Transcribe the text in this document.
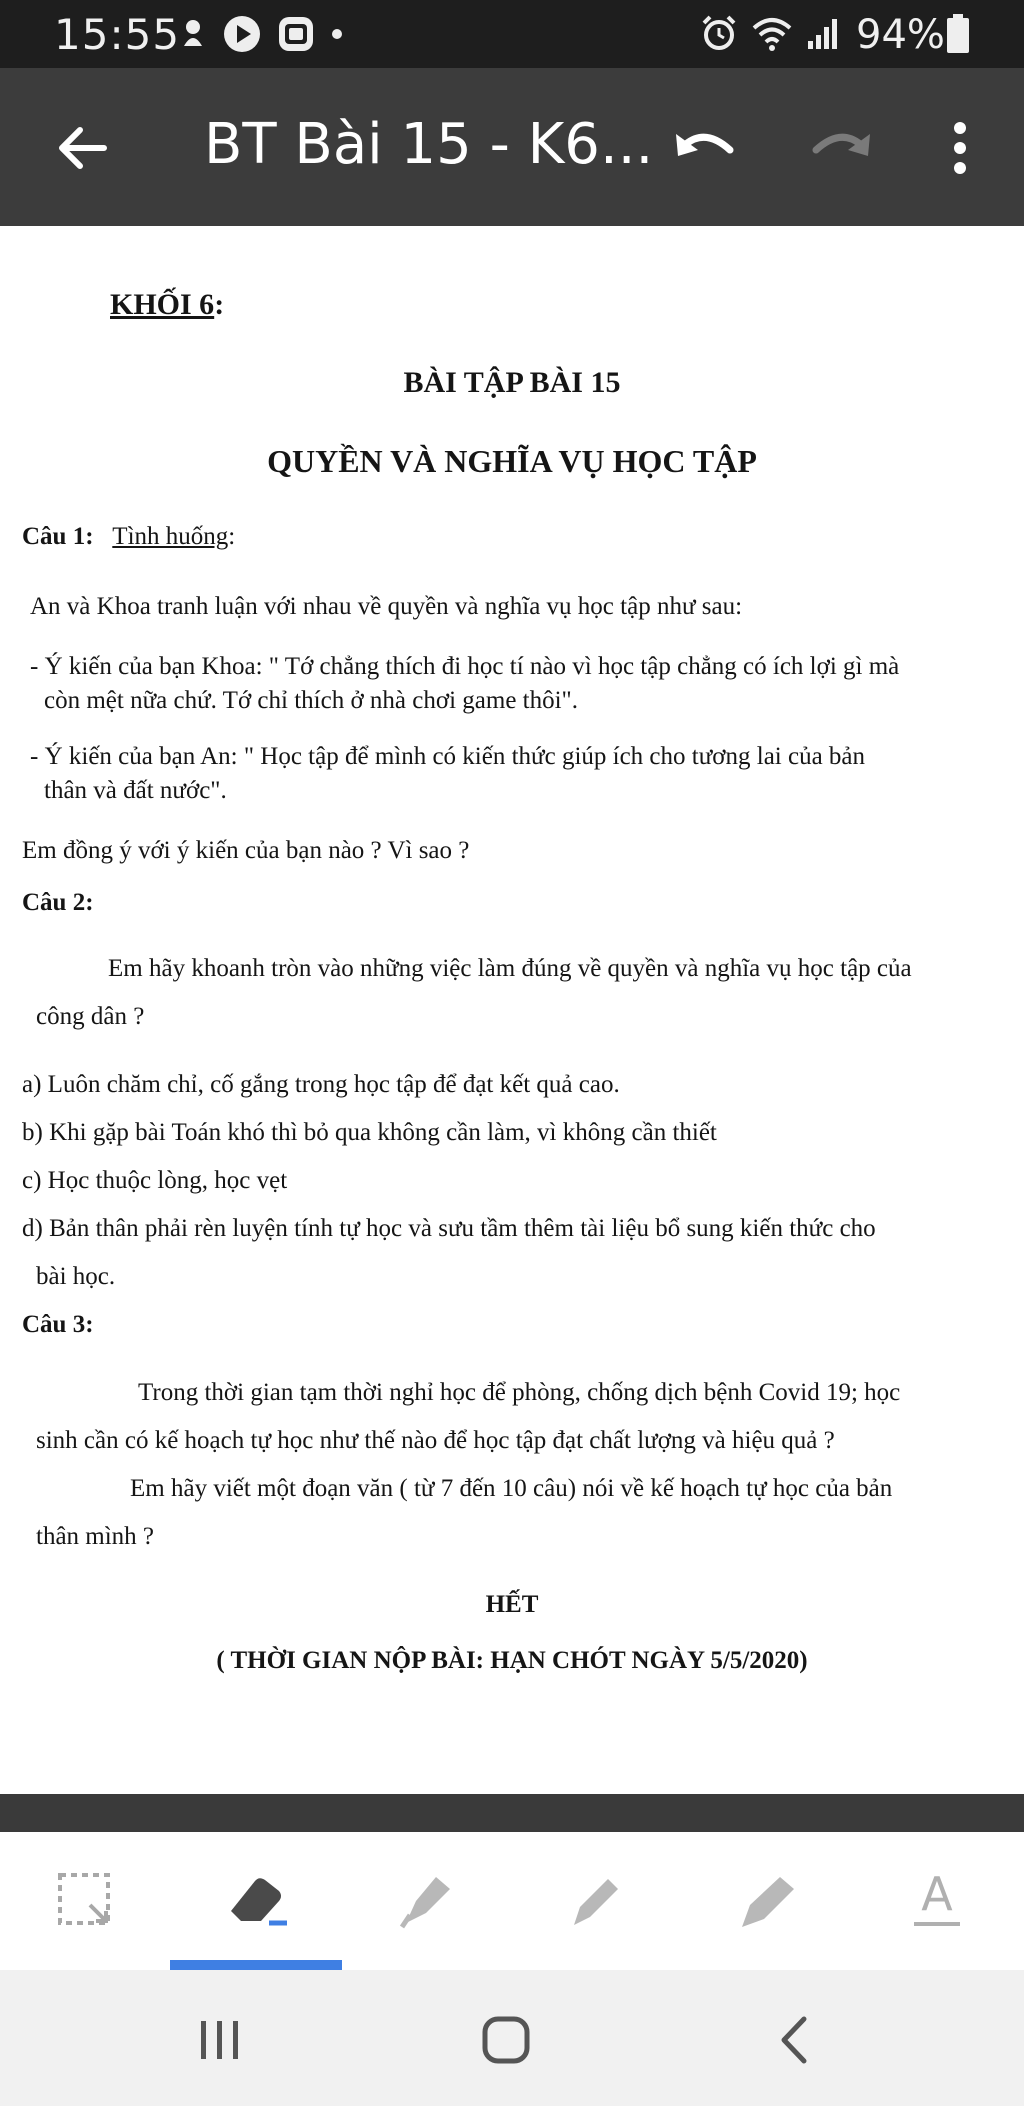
15:55	94%
BT Bài 15 - K6...
KHỐI 6:
BÀI TẬP BÀI 15
QUYỀN VÀ NGHĨA VỤ HỌC TẬP
Câu 1: Tình huống:
An và Khoa tranh luận với nhau về quyền và nghĩa vụ học tập như sau:
- Ý kiến của bạn Khoa: " Tớ chẳng thích đi học tí nào vì học tập chẳng có ích lợi gì mà
còn mệt nữa chứ. Tớ chỉ thích ở nhà chơi game thôi".
- Ý kiến của bạn An: " Học tập để mình có kiến thức giúp ích cho tương lai của bản
thân và đất nước".
Em đồng ý với ý kiến của bạn nào ? Vì sao ?
Câu 2:
Em hãy khoanh tròn vào những việc làm đúng về quyền và nghĩa vụ học tập của
công dân ?
a) Luôn chăm chỉ, cố gắng trong học tập để đạt kết quả cao.
b) Khi gặp bài Toán khó thì bỏ qua không cần làm, vì không cần thiết
c) Học thuộc lòng, học vẹt
d) Bản thân phải rèn luyện tính tự học và sưu tầm thêm tài liệu bổ sung kiến thức cho
bài học.
Câu 3:
Trong thời gian tạm thời nghỉ học để phòng, chống dịch bệnh Covid 19; học
sinh cần có kế hoạch tự học như thế nào để học tập đạt chất lượng và hiệu quả ?
Em hãy viết một đoạn văn ( từ 7 đến 10 câu) nói về kế hoạch tự học của bản
thân mình ?
HẾT
( THỜI GIAN NỘP BÀI: HẠN CHÓT NGÀY 5/5/2020)
A
